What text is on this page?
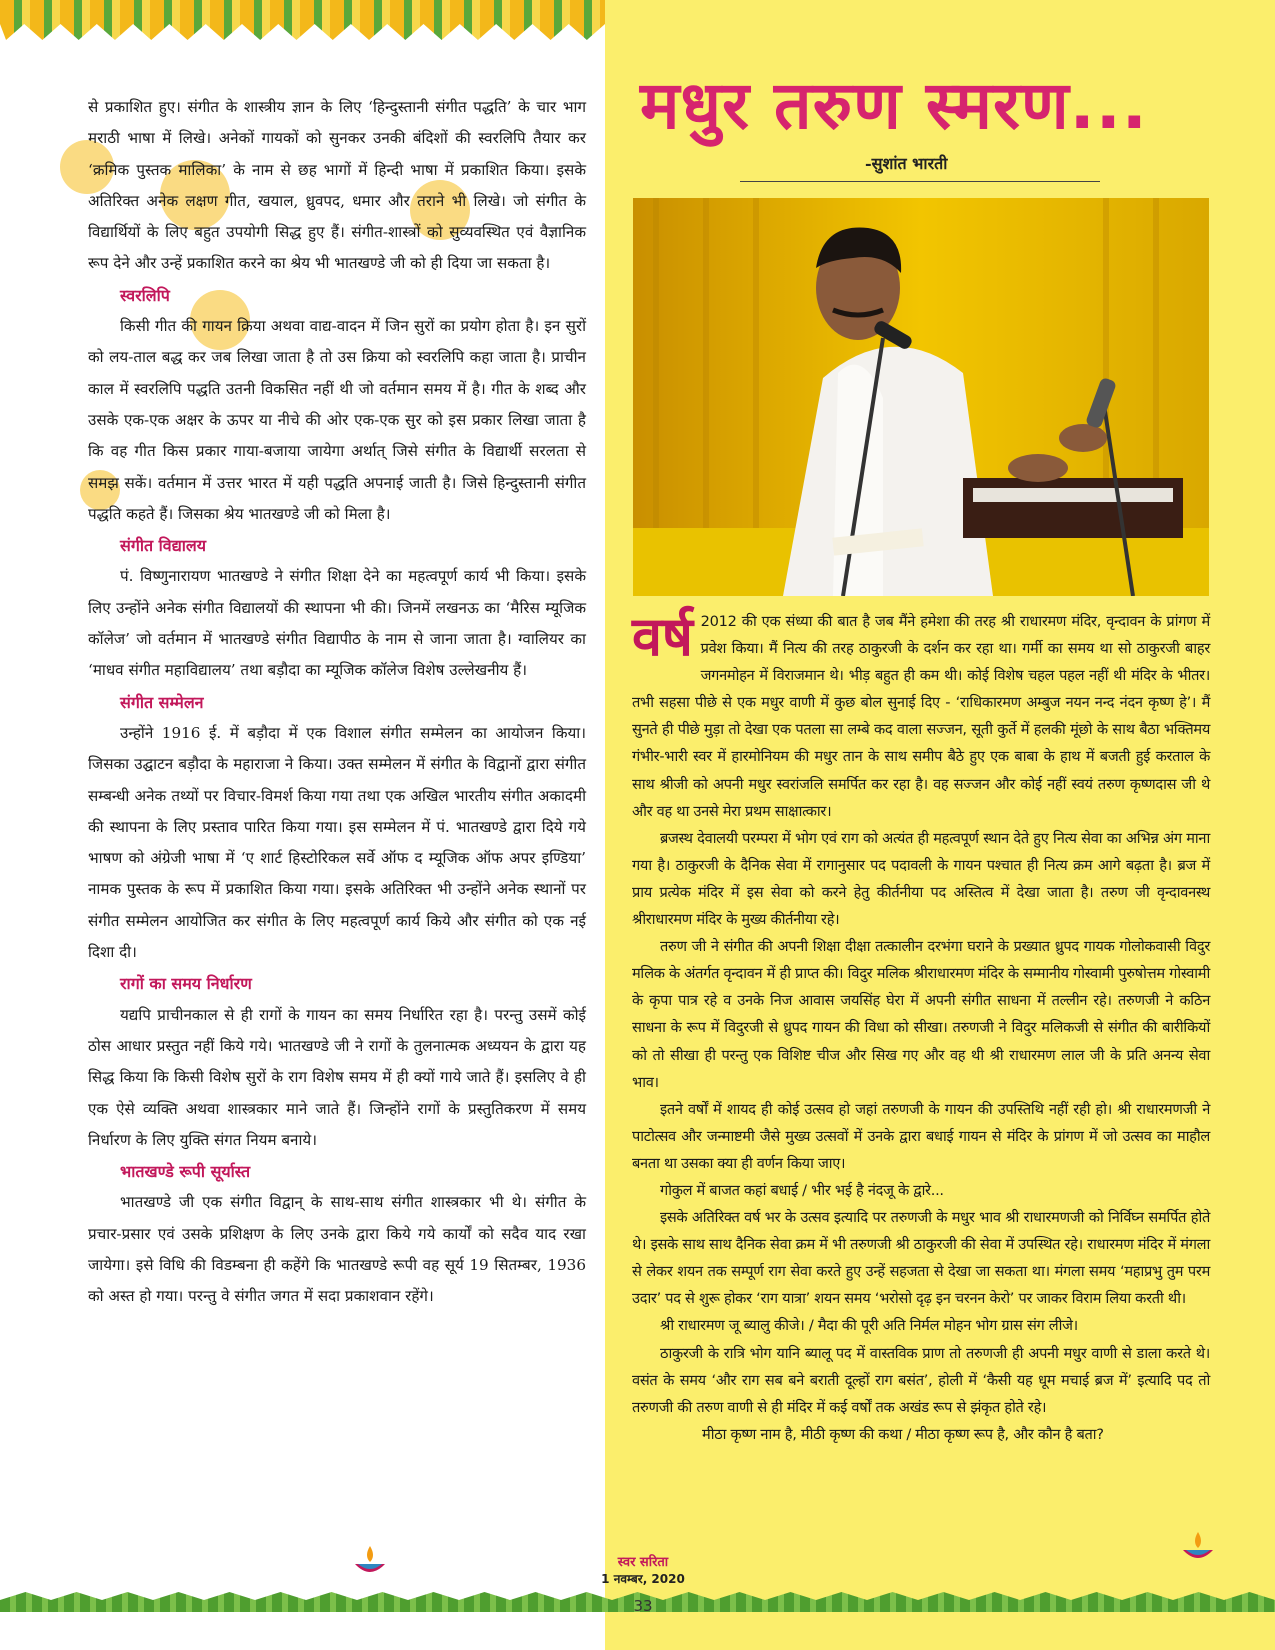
से प्रकाशित हुए। संगीत के शास्त्रीय ज्ञान के लिए ‘हिन्दुस्तानी संगीत पद्धति’ के चार भाग मराठी भाषा में लिखे। अनेकों गायकों को सुनकर उनकी बंदिशों की स्वरलिपि तैयार कर ‘क्रमिक पुस्तक मालिका’ के नाम से छह भागों में हिन्दी भाषा में प्रकाशित किया। इसके अतिरिक्त अनेक लक्षण गीत, खयाल, ध्रुवपद, धमार और तराने भी लिखे। जो संगीत के विद्यार्थियों के लिए बहुत उपयोगी सिद्ध हुए हैं। संगीत-शास्त्रों को सुव्यवस्थित एवं वैज्ञानिक रूप देने और उन्हें प्रकाशित करने का श्रेय भी भातखण्डे जी को ही दिया जा सकता है।

स्वरलिपि

किसी गीत की गायन क्रिया अथवा वाद्य-वादन में जिन सुरों का प्रयोग होता है। इन सुरों को लय-ताल बद्ध कर जब लिखा जाता है तो उस क्रिया को स्वरलिपि कहा जाता है। प्राचीन काल में स्वरलिपि पद्धति उतनी विकसित नहीं थी जो वर्तमान समय में है। गीत के शब्द और उसके एक-एक अक्षर के ऊपर या नीचे की ओर एक-एक सुर को इस प्रकार लिखा जाता है कि वह गीत किस प्रकार गाया-बजाया जायेगा अर्थात् जिसे संगीत के विद्यार्थी सरलता से समझ सकें। वर्तमान में उत्तर भारत में यही पद्धति अपनाई जाती है। जिसे हिन्दुस्तानी संगीत पद्धति कहते हैं। जिसका श्रेय भातखण्डे जी को मिला है।

संगीत विद्यालय

पं. विष्णुनारायण भातखण्डे ने संगीत शिक्षा देने का महत्वपूर्ण कार्य भी किया। इसके लिए उन्होंने अनेक संगीत विद्यालयों की स्थापना भी की। जिनमें लखनऊ का ‘मैरिस म्यूजिक कॉलेज’ जो वर्तमान में भातखण्डे संगीत विद्यापीठ के नाम से जाना जाता है। ग्वालियर का ‘माधव संगीत महाविद्यालय’ तथा बड़ौदा का म्यूजिक कॉलेज विशेष उल्लेखनीय हैं।

संगीत सम्मेलन

उन्होंने 1916 ई. में बड़ौदा में एक विशाल संगीत सम्मेलन का आयोजन किया। जिसका उद्घाटन बड़ौदा के महाराजा ने किया। उक्त सम्मेलन में संगीत के विद्वानों द्वारा संगीत सम्बन्धी अनेक तथ्यों पर विचार-विमर्श किया गया तथा एक अखिल भारतीय संगीत अकादमी की स्थापना के लिए प्रस्ताव पारित किया गया। इस सम्मेलन में पं. भातखण्डे द्वारा दिये गये भाषण को अंग्रेजी भाषा में ‘ए शार्ट हिस्टोरिकल सर्वे ऑफ द म्यूजिक ऑफ अपर इण्डिया’ नामक पुस्तक के रूप में प्रकाशित किया गया। इसके अतिरिक्त भी उन्होंने अनेक स्थानों पर संगीत सम्मेलन आयोजित कर संगीत के लिए महत्वपूर्ण कार्य किये और संगीत को एक नई दिशा दी।

रागों का समय निर्धारण

यद्यपि प्राचीनकाल से ही रागों के गायन का समय निर्धारित रहा है। परन्तु उसमें कोई ठोस आधार प्रस्तुत नहीं किये गये। भातखण्डे जी ने रागों के तुलनात्मक अध्ययन के द्वारा यह सिद्ध किया कि किसी विशेष सुरों के राग विशेष समय में ही क्यों गाये जाते हैं। इसलिए वे ही एक ऐसे व्यक्ति अथवा शास्त्रकार माने जाते हैं। जिन्होंने रागों के प्रस्तुतिकरण में समय निर्धारण के लिए युक्ति संगत नियम बनाये।

भातखण्डे रूपी सूर्यास्त

भातखण्डे जी एक संगीत विद्वान् के साथ-साथ संगीत शास्त्रकार भी थे। संगीत के प्रचार-प्रसार एवं उसके प्रशिक्षण के लिए उनके द्वारा किये गये कार्यों को सदैव याद रखा जायेगा। इसे विधि की विडम्बना ही कहेंगे कि भातखण्डे रूपी वह सूर्य 19 सितम्बर, 1936 को अस्त हो गया। परन्तु वे संगीत जगत में सदा प्रकाशवान रहेंगे।

मधुर तरुण स्मरण...
-सुशांत भारती

वर्ष 2012 की एक संध्या की बात है जब मैंने हमेशा की तरह श्री राधारमण मंदिर, वृन्दावन के प्रांगण में प्रवेश किया। मैं नित्य की तरह ठाकुरजी के दर्शन कर रहा था। गर्मी का समय था सो ठाकुरजी बाहर जगनमोहन में विराजमान थे। भीड़ बहुत ही कम थी। कोई विशेष चहल पहल नहीं थी मंदिर के भीतर। तभी सहसा पीछे से एक मधुर वाणी में कुछ बोल सुनाई दिए - ‘राधिकारमण अम्बुज नयन नन्द नंदन कृष्ण हे’। मैं सुनते ही पीछे मुड़ा तो देखा एक पतला सा लम्बे कद वाला सज्जन, सूती कुर्ते में हलकी मूंछो के साथ बैठा भक्तिमय गंभीर-भारी स्वर में हारमोनियम की मधुर तान के साथ समीप बैठे हुए एक बाबा के हाथ में बजती हुई करताल के साथ श्रीजी को अपनी मधुर स्वरांजलि समर्पित कर रहा है। वह सज्जन और कोई नहीं स्वयं तरुण कृष्णदास जी थे और वह था उनसे मेरा प्रथम साक्षात्कार।

ब्रजस्थ देवालयी परम्परा में भोग एवं राग को अत्यंत ही महत्वपूर्ण स्थान देते हुए नित्य सेवा का अभिन्न अंग माना गया है। ठाकुरजी के दैनिक सेवा में रागानुसार पद पदावली के गायन पश्चात ही नित्य क्रम आगे बढ़ता है। ब्रज में प्राय प्रत्येक मंदिर में इस सेवा को करने हेतु कीर्तनीया पद अस्तित्व में देखा जाता है। तरुण जी वृन्दावनस्थ श्रीराधारमण मंदिर के मुख्य कीर्तनीया रहे।

तरुण जी ने संगीत की अपनी शिक्षा दीक्षा तत्कालीन दरभंगा घराने के प्रख्यात ध्रुपद गायक गोलोकवासी विदुर मलिक के अंतर्गत वृन्दावन में ही प्राप्त की। विदुर मलिक श्रीराधारमण मंदिर के सम्मानीय गोस्वामी पुरुषोत्तम गोस्वामी के कृपा पात्र रहे व उनके निज आवास जयसिंह घेरा में अपनी संगीत साधना में तल्लीन रहे। तरुणजी ने कठिन साधना के रूप में विदुरजी से ध्रुपद गायन की विधा को सीखा। तरुणजी ने विदुर मलिकजी से संगीत की बारीकियों को तो सीखा ही परन्तु एक विशिष्ट चीज और सिख गए और वह थी श्री राधारमण लाल जी के प्रति अनन्य सेवा भाव।

इतने वर्षों में शायद ही कोई उत्सव हो जहां तरुणजी के गायन की उपस्तिथि नहीं रही हो। श्री राधारमणजी ने पाटोत्सव और जन्माष्टमी जैसे मुख्य उत्सवों में उनके द्वारा बधाई गायन से मंदिर के प्रांगण में जो उत्सव का माहौल बनता था उसका क्या ही वर्णन किया जाए।

गोकुल में बाजत कहां बधाई / भीर भई है नंदजू के द्वारे...

इसके अतिरिक्त वर्ष भर के उत्सव इत्यादि पर तरुणजी के मधुर भाव श्री राधारमणजी को निर्विघ्न समर्पित होते थे। इसके साथ साथ दैनिक सेवा क्रम में भी तरुणजी श्री ठाकुरजी की सेवा में उपस्थित रहे। राधारमण मंदिर में मंगला से लेकर शयन तक सम्पूर्ण राग सेवा करते हुए उन्हें सहजता से देखा जा सकता था। मंगला समय ‘महाप्रभु तुम परम उदार’ पद से शुरू होकर ‘राग यात्रा’ शयन समय ‘भरोसो दृढ़ इन चरनन केरो’ पर जाकर विराम लिया करती थी।

श्री राधारमण जू ब्यालु कीजे। / मैदा की पूरी अति निर्मल मोहन भोग ग्रास संग लीजे।

ठाकुरजी के रात्रि भोग यानि ब्यालू पद में वास्तविक प्राण तो तरुणजी ही अपनी मधुर वाणी से डाला करते थे। वसंत के समय ‘और राग सब बने बराती दूल्हों राग बसंत’, होली में ‘कैसी यह धूम मचाई ब्रज में’ इत्यादि पद तो तरुणजी की तरुण वाणी से ही मंदिर में कई वर्षों तक अखंड रूप से झंकृत होते रहे।

मीठा कृष्ण नाम है, मीठी कृष्ण की कथा / मीठा कृष्ण रूप है, और कौन है बता?

स्वर सरिता
1 नवम्बर, 2020
33
